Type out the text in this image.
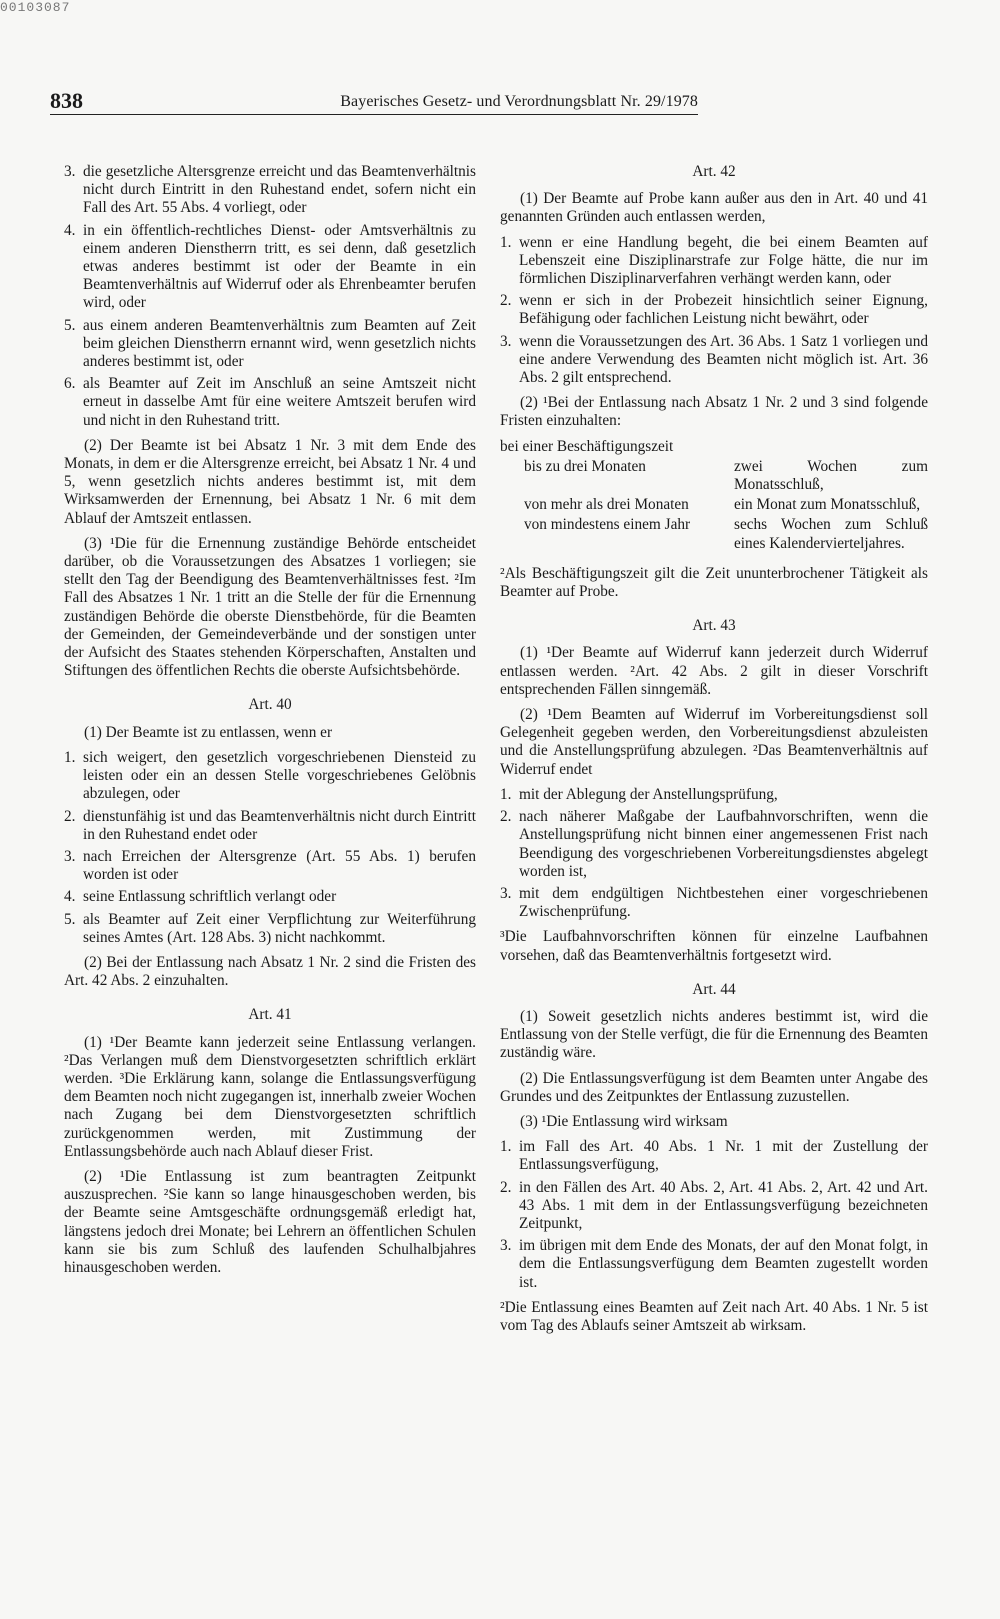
00103087
838	Bayerisches Gesetz- und Verordnungsblatt Nr. 29/1978
3. die gesetzliche Altersgrenze erreicht und das Beamtenverhältnis nicht durch Eintritt in den Ruhestand endet, sofern nicht ein Fall des Art. 55 Abs. 4 vorliegt, oder
4. in ein öffentlich-rechtliches Dienst- oder Amtsverhältnis zu einem anderen Dienstherrn tritt, es sei denn, daß gesetzlich etwas anderes bestimmt ist oder der Beamte in ein Beamtenverhältnis auf Widerruf oder als Ehrenbeamter berufen wird, oder
5. aus einem anderen Beamtenverhältnis zum Beamten auf Zeit beim gleichen Dienstherrn ernannt wird, wenn gesetzlich nichts anderes bestimmt ist, oder
6. als Beamter auf Zeit im Anschluß an seine Amtszeit nicht erneut in dasselbe Amt für eine weitere Amtszeit berufen wird und nicht in den Ruhestand tritt.

(2) Der Beamte ist bei Absatz 1 Nr. 3 mit dem Ende des Monats, in dem er die Altersgrenze erreicht, bei Absatz 1 Nr. 4 und 5, wenn gesetzlich nichts anderes bestimmt ist, mit dem Wirksamwerden der Ernennung, bei Absatz 1 Nr. 6 mit dem Ablauf der Amtszeit entlassen.

(3) ¹Die für die Ernennung zuständige Behörde entscheidet darüber, ob die Voraussetzungen des Absatzes 1 vorliegen; sie stellt den Tag der Beendigung des Beamtenverhältnisses fest. ²Im Fall des Absatzes 1 Nr. 1 tritt an die Stelle der für die Ernennung zuständigen Behörde die oberste Dienstbehörde, für die Beamten der Gemeinden, der Gemeindeverbände und der sonstigen unter der Aufsicht des Staates stehenden Körperschaften, Anstalten und Stiftungen des öffentlichen Rechts die oberste Aufsichtsbehörde.

Art. 40

(1) Der Beamte ist zu entlassen, wenn er

1. sich weigert, den gesetzlich vorgeschriebenen Diensteid zu leisten oder ein an dessen Stelle vorgeschriebenes Gelöbnis abzulegen, oder
2. dienstunfähig ist und das Beamtenverhältnis nicht durch Eintritt in den Ruhestand endet oder
3. nach Erreichen der Altersgrenze (Art. 55 Abs. 1) berufen worden ist oder
4. seine Entlassung schriftlich verlangt oder
5. als Beamter auf Zeit einer Verpflichtung zur Weiterführung seines Amtes (Art. 128 Abs. 3) nicht nachkommt.

(2) Bei der Entlassung nach Absatz 1 Nr. 2 sind die Fristen des Art. 42 Abs. 2 einzuhalten.

Art. 41

(1) ¹Der Beamte kann jederzeit seine Entlassung verlangen. ²Das Verlangen muß dem Dienstvorgesetzten schriftlich erklärt werden. ³Die Erklärung kann, solange die Entlassungsverfügung dem Beamten noch nicht zugegangen ist, innerhalb zweier Wochen nach Zugang bei dem Dienstvorgesetzten schriftlich zurückgenommen werden, mit Zustimmung der Entlassungsbehörde auch nach Ablauf dieser Frist.

(2) ¹Die Entlassung ist zum beantragten Zeitpunkt auszusprechen. ²Sie kann so lange hinausgeschoben werden, bis der Beamte seine Amtsgeschäfte ordnungsgemäß erledigt hat, längstens jedoch drei Monate; bei Lehrern an öffentlichen Schulen kann sie bis zum Schluß des laufenden Schulhalbjahres hinausgeschoben werden.

Art. 42

(1) Der Beamte auf Probe kann außer aus den in Art. 40 und 41 genannten Gründen auch entlassen werden,

1. wenn er eine Handlung begeht, die bei einem Beamten auf Lebenszeit eine Disziplinarstrafe zur Folge hätte, die nur im förmlichen Disziplinarverfahren verhängt werden kann, oder
2. wenn er sich in der Probezeit hinsichtlich seiner Eignung, Befähigung oder fachlichen Leistung nicht bewährt, oder
3. wenn die Voraussetzungen des Art. 36 Abs. 1 Satz 1 vorliegen und eine andere Verwendung des Beamten nicht möglich ist. Art. 36 Abs. 2 gilt entsprechend.

(2) ¹Bei der Entlassung nach Absatz 1 Nr. 2 und 3 sind folgende Fristen einzuhalten:

bei einer Beschäftigungszeit	
bis zu drei Monaten	zwei Wochen zum Monatsschluß,
von mehr als drei Monaten	ein Monat zum Monatsschluß,
von mindestens einem Jahr	sechs Wochen zum Schluß eines Kalendervierteljahres.

²Als Beschäftigungszeit gilt die Zeit ununterbrochener Tätigkeit als Beamter auf Probe.

Art. 43

(1) ¹Der Beamte auf Widerruf kann jederzeit durch Widerruf entlassen werden. ²Art. 42 Abs. 2 gilt in dieser Vorschrift entsprechenden Fällen sinngemäß.

(2) ¹Dem Beamten auf Widerruf im Vorbereitungsdienst soll Gelegenheit gegeben werden, den Vorbereitungsdienst abzuleisten und die Anstellungsprüfung abzulegen. ²Das Beamtenverhältnis auf Widerruf endet

1. mit der Ablegung der Anstellungsprüfung,
2. nach näherer Maßgabe der Laufbahnvorschriften, wenn die Anstellungsprüfung nicht binnen einer angemessenen Frist nach Beendigung des vorgeschriebenen Vorbereitungsdienstes abgelegt worden ist,
3. mit dem endgültigen Nichtbestehen einer vorgeschriebenen Zwischenprüfung.

³Die Laufbahnvorschriften können für einzelne Laufbahnen vorsehen, daß das Beamtenverhältnis fortgesetzt wird.

Art. 44

(1) Soweit gesetzlich nichts anderes bestimmt ist, wird die Entlassung von der Stelle verfügt, die für die Ernennung des Beamten zuständig wäre.

(2) Die Entlassungsverfügung ist dem Beamten unter Angabe des Grundes und des Zeitpunktes der Entlassung zuzustellen.

(3) ¹Die Entlassung wird wirksam

1. im Fall des Art. 40 Abs. 1 Nr. 1 mit der Zustellung der Entlassungsverfügung,
2. in den Fällen des Art. 40 Abs. 2, Art. 41 Abs. 2, Art. 42 und Art. 43 Abs. 1 mit dem in der Entlassungsverfügung bezeichneten Zeitpunkt,
3. im übrigen mit dem Ende des Monats, der auf den Monat folgt, in dem die Entlassungsverfügung dem Beamten zugestellt worden ist.

²Die Entlassung eines Beamten auf Zeit nach Art. 40 Abs. 1 Nr. 5 ist vom Tag des Ablaufs seiner Amtszeit ab wirksam.
